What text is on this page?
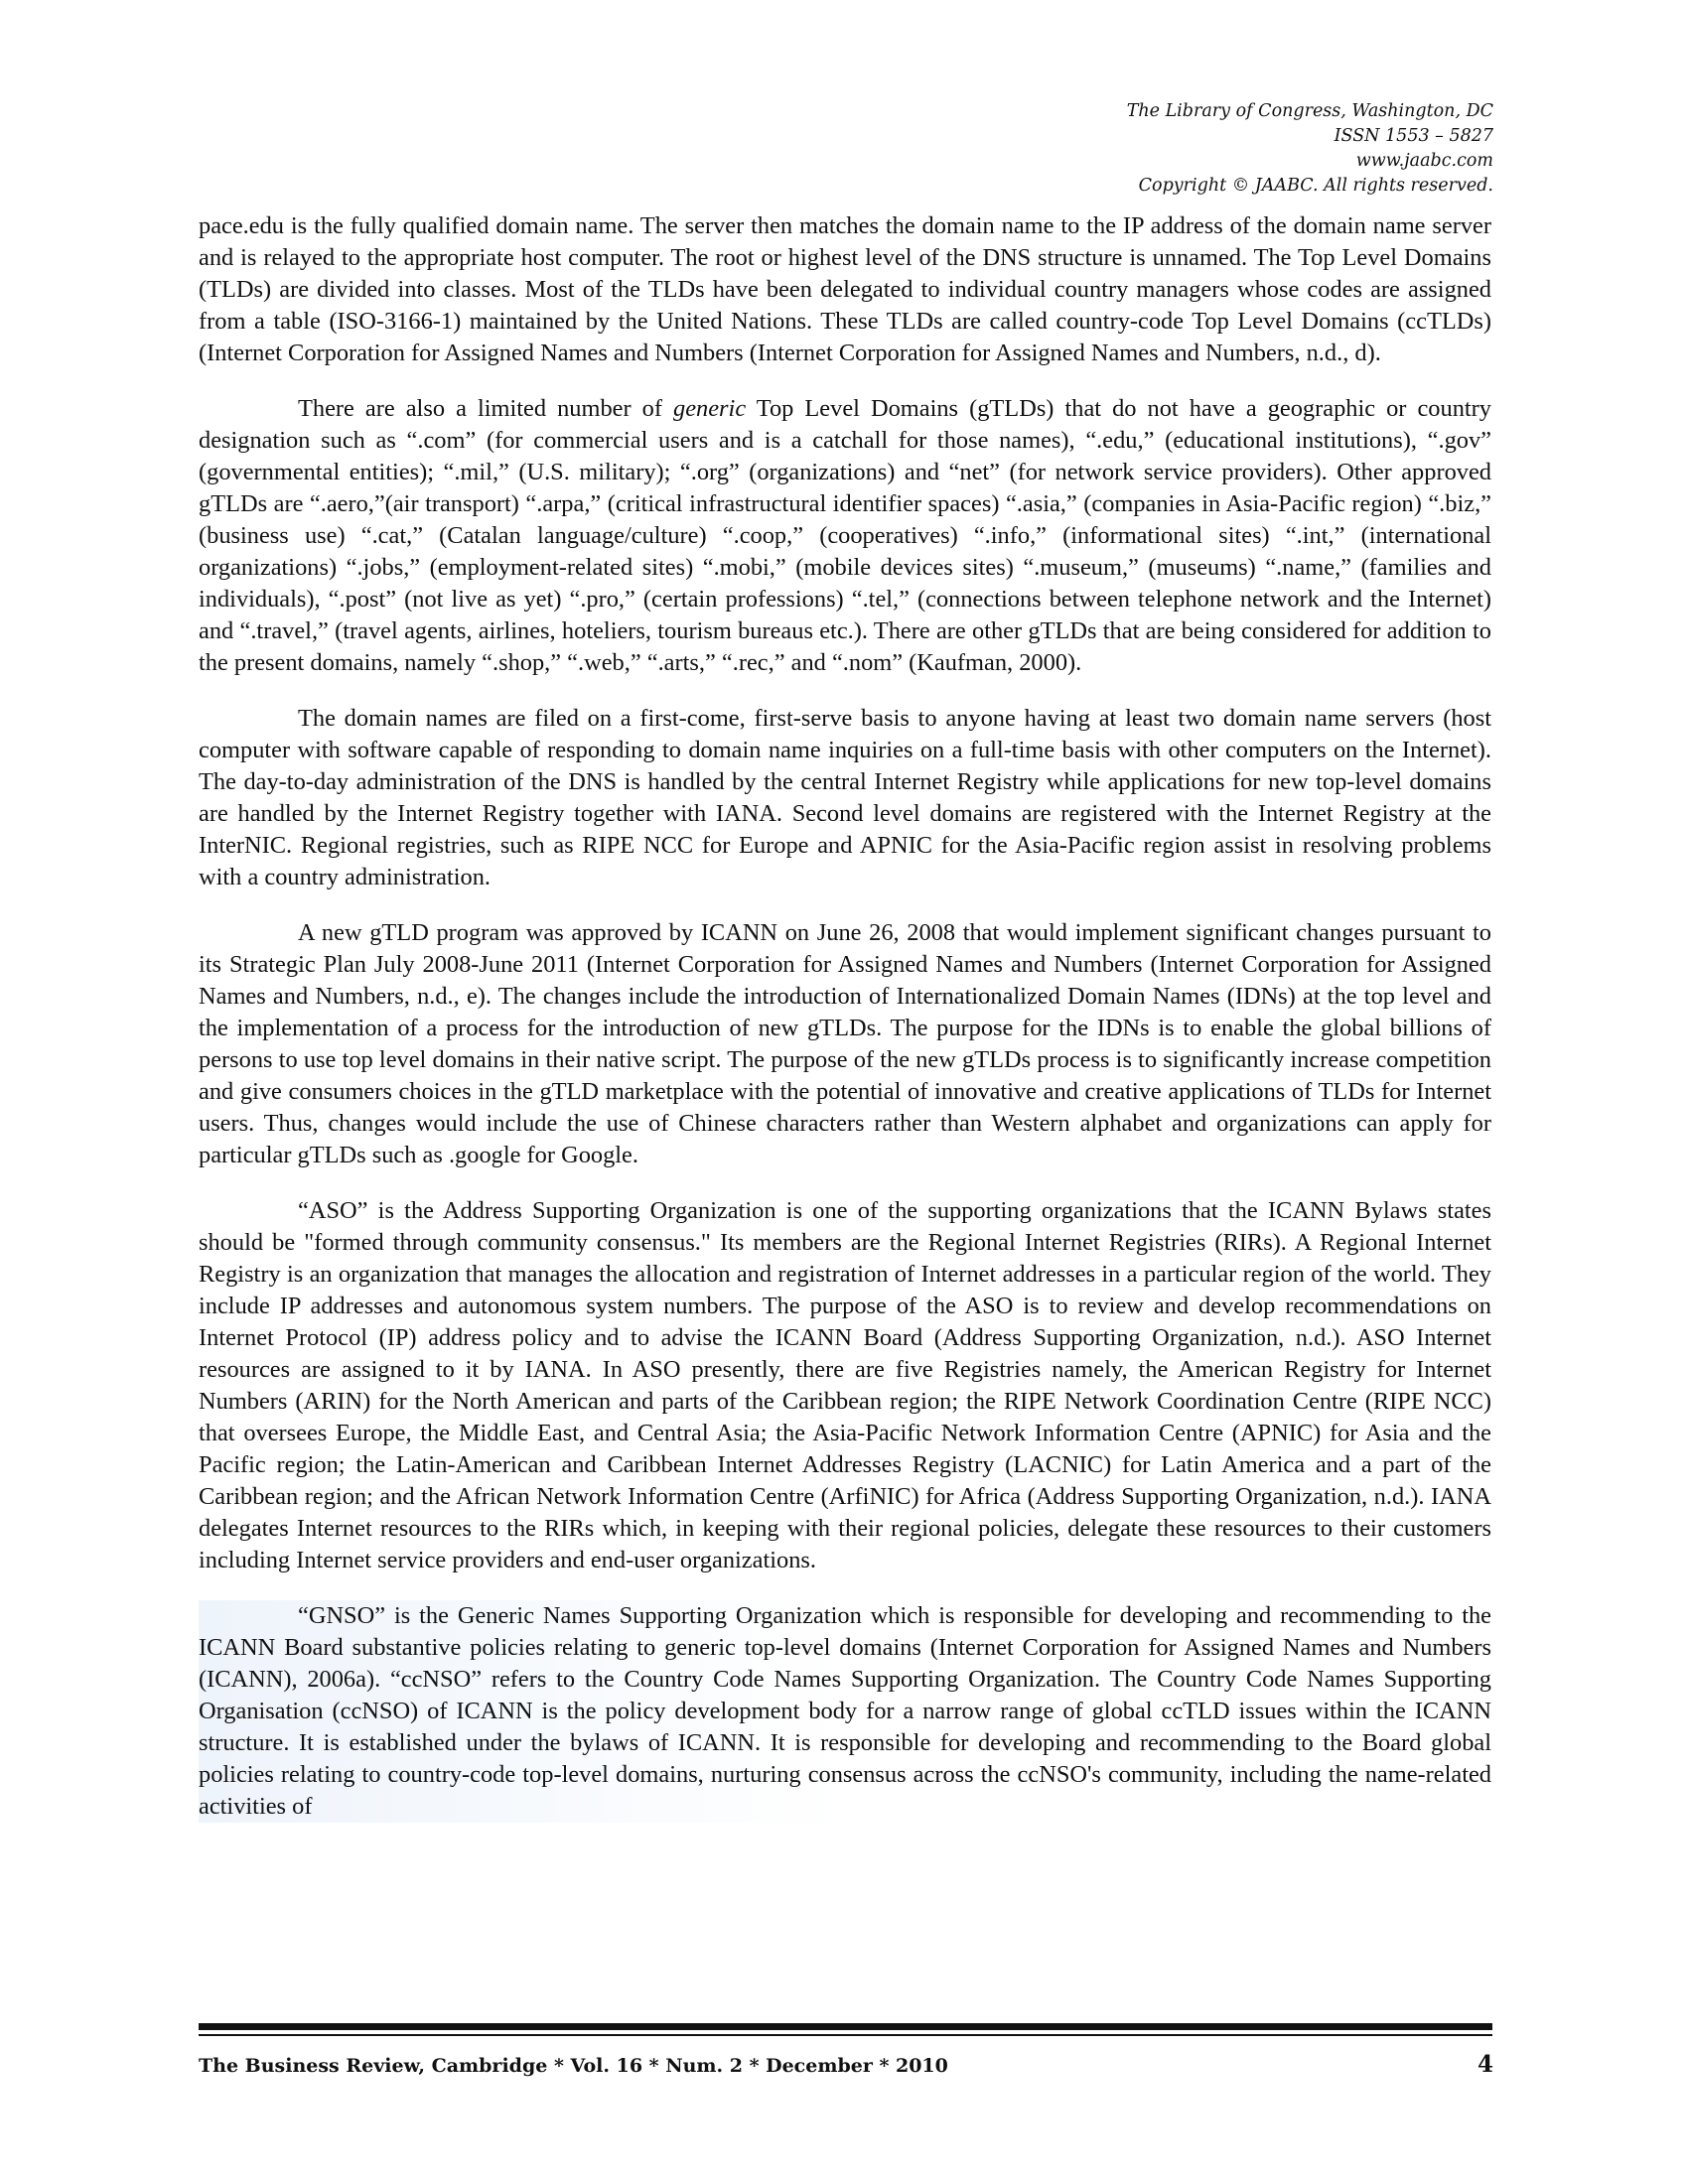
The Library of Congress, Washington, DC
ISSN 1553 – 5827
www.jaabc.com
Copyright © JAABC. All rights reserved.

pace.edu is the fully qualified domain name. The server then matches the domain name to the IP address of the domain name server and is relayed to the appropriate host computer. The root or highest level of the DNS structure is unnamed. The Top Level Domains (TLDs) are divided into classes. Most of the TLDs have been delegated to individual country managers whose codes are assigned from a table (ISO-3166-1) maintained by the United Nations. These TLDs are called country-code Top Level Domains (ccTLDs) (Internet Corporation for Assigned Names and Numbers (Internet Corporation for Assigned Names and Numbers, n.d., d).

There are also a limited number of generic Top Level Domains (gTLDs) that do not have a geographic or country designation such as “.com” (for commercial users and is a catchall for those names), “.edu,” (educational institutions), “.gov” (governmental entities); “.mil,” (U.S. military); “.org” (organizations) and “net” (for network service providers). Other approved gTLDs are “.aero,”(air transport) “.arpa,” (critical infrastructural identifier spaces) “.asia,” (companies in Asia-Pacific region) “.biz,” (business use) “.cat,” (Catalan language/culture) “.coop,” (cooperatives) “.info,” (informational sites) “.int,” (international organizations) “.jobs,” (employment-related sites) “.mobi,” (mobile devices sites) “.museum,” (museums) “.name,” (families and individuals), “.post” (not live as yet) “.pro,” (certain professions) “.tel,” (connections between telephone network and the Internet) and “.travel,” (travel agents, airlines, hoteliers, tourism bureaus etc.). There are other gTLDs that are being considered for addition to the present domains, namely “.shop,” “.web,” “.arts,” “.rec,” and “.nom” (Kaufman, 2000).

The domain names are filed on a first-come, first-serve basis to anyone having at least two domain name servers (host computer with software capable of responding to domain name inquiries on a full-time basis with other computers on the Internet). The day-to-day administration of the DNS is handled by the central Internet Registry while applications for new top-level domains are handled by the Internet Registry together with IANA. Second level domains are registered with the Internet Registry at the InterNIC. Regional registries, such as RIPE NCC for Europe and APNIC for the Asia-Pacific region assist in resolving problems with a country administration.

A new gTLD program was approved by ICANN on June 26, 2008 that would implement significant changes pursuant to its Strategic Plan July 2008-June 2011 (Internet Corporation for Assigned Names and Numbers (Internet Corporation for Assigned Names and Numbers, n.d., e). The changes include the introduction of Internationalized Domain Names (IDNs) at the top level and the implementation of a process for the introduction of new gTLDs. The purpose for the IDNs is to enable the global billions of persons to use top level domains in their native script. The purpose of the new gTLDs process is to significantly increase competition and give consumers choices in the gTLD marketplace with the potential of innovative and creative applications of TLDs for Internet users. Thus, changes would include the use of Chinese characters rather than Western alphabet and organizations can apply for particular gTLDs such as .google for Google.

“ASO” is the Address Supporting Organization is one of the supporting organizations that the ICANN Bylaws states should be "formed through community consensus." Its members are the Regional Internet Registries (RIRs). A Regional Internet Registry is an organization that manages the allocation and registration of Internet addresses in a particular region of the world. They include IP addresses and autonomous system numbers. The purpose of the ASO is to review and develop recommendations on Internet Protocol (IP) address policy and to advise the ICANN Board (Address Supporting Organization, n.d.). ASO Internet resources are assigned to it by IANA. In ASO presently, there are five Registries namely, the American Registry for Internet Numbers (ARIN) for the North American and parts of the Caribbean region; the RIPE Network Coordination Centre (RIPE NCC) that oversees Europe, the Middle East, and Central Asia; the Asia-Pacific Network Information Centre (APNIC) for Asia and the Pacific region; the Latin-American and Caribbean Internet Addresses Registry (LACNIC) for Latin America and a part of the Caribbean region; and the African Network Information Centre (ArfiNIC) for Africa (Address Supporting Organization, n.d.). IANA delegates Internet resources to the RIRs which, in keeping with their regional policies, delegate these resources to their customers including Internet service providers and end-user organizations.

“GNSO” is the Generic Names Supporting Organization which is responsible for developing and recommending to the ICANN Board substantive policies relating to generic top-level domains (Internet Corporation for Assigned Names and Numbers (ICANN), 2006a). “ccNSO” refers to the Country Code Names Supporting Organization. The Country Code Names Supporting Organisation (ccNSO) of ICANN is the policy development body for a narrow range of global ccTLD issues within the ICANN structure. It is established under the bylaws of ICANN. It is responsible for developing and recommending to the Board global policies relating to country-code top-level domains, nurturing consensus across the ccNSO's community, including the name-related activities of

The Business Review, Cambridge * Vol. 16 * Num. 2 * December * 2010	4
